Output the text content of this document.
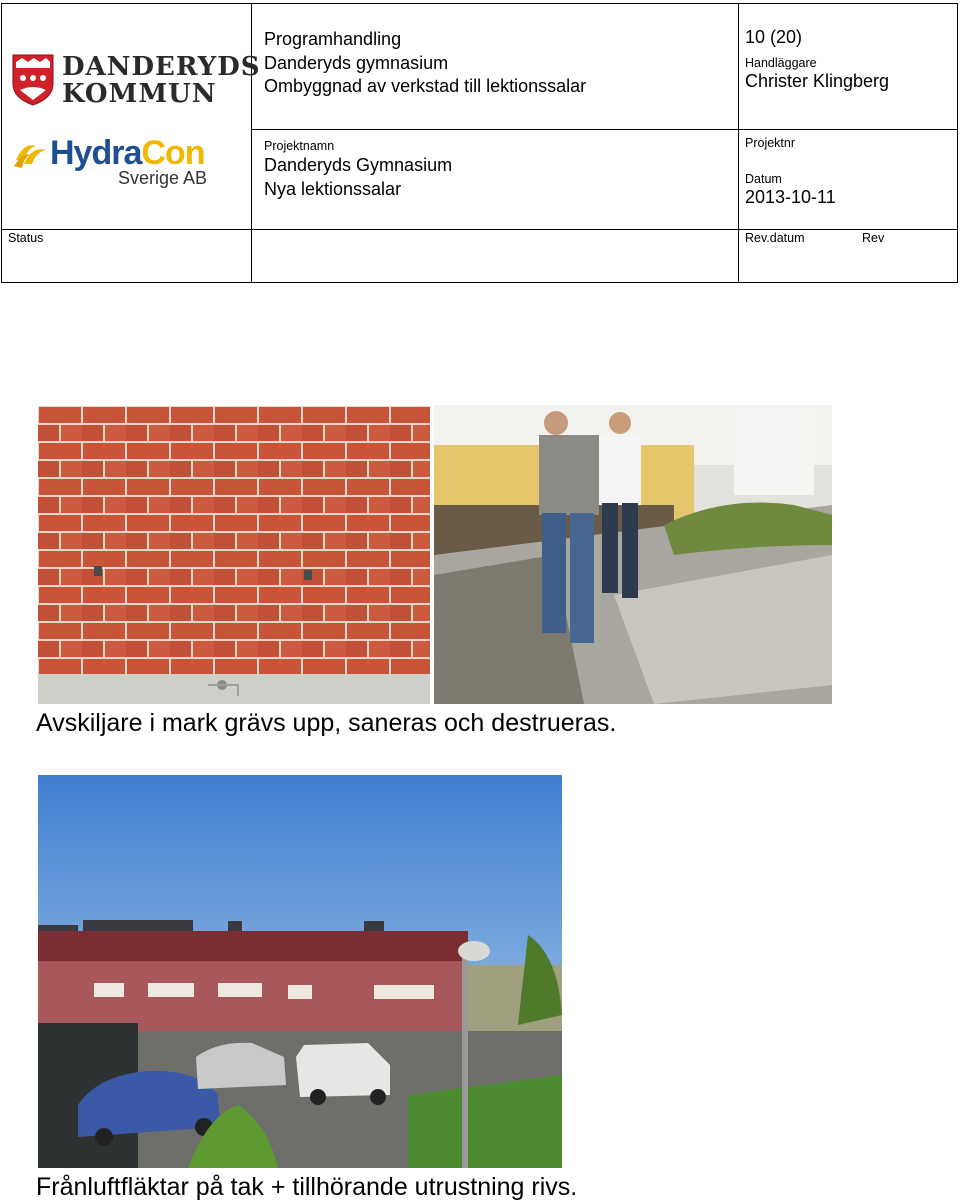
DANDERYDS
KOMMUN
HydraCon
Sverige AB
Programhandling
Danderyds gymnasium
Ombyggnad av verkstad till lektionssalar
10 (20)
Handläggare
Christer Klingberg
Projektnamn
Danderyds Gymnasium
Nya lektionssalar
Projektnr
Datum
2013-10-11
Status	Rev.datum	Rev
Avskiljare i mark grävs upp, saneras och destrueras.
Frånluftfläktar på tak + tillhörande utrustning rivs.
